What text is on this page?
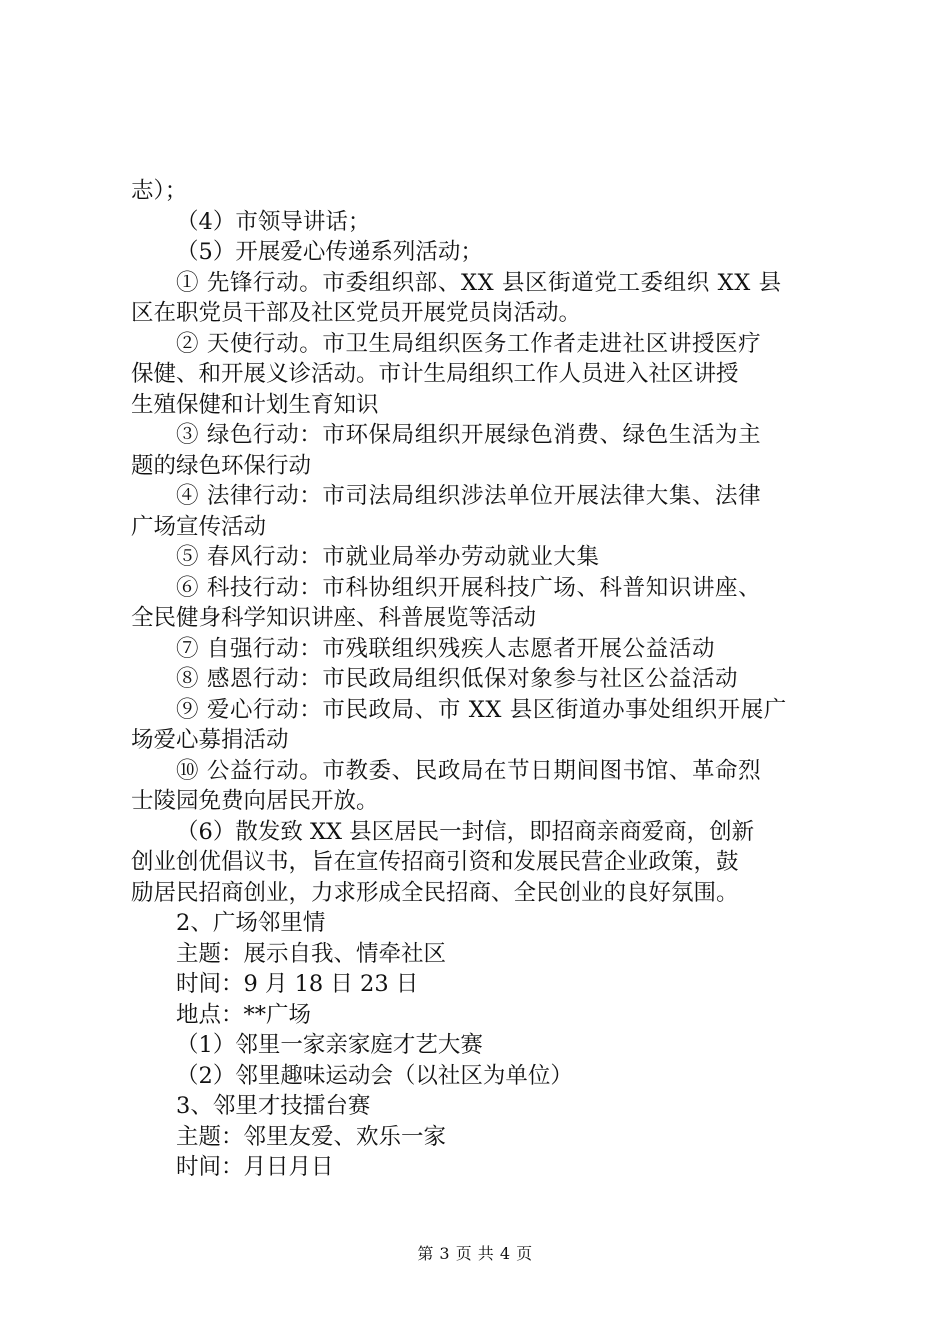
志）；
（4）市领导讲话；
（5）开展爱心传递系列活动；
① 先锋行动。市委组织部、XX 县区街道党工委组织 XX 县
区在职党员干部及社区党员开展党员岗活动。
② 天使行动。市卫生局组织医务工作者走进社区讲授医疗
保健、和开展义诊活动。市计生局组织工作人员进入社区讲授
生殖保健和计划生育知识
③ 绿色行动：市环保局组织开展绿色消费、绿色生活为主
题的绿色环保行动
④ 法律行动：市司法局组织涉法单位开展法律大集、法律
广场宣传活动
⑤ 春风行动：市就业局举办劳动就业大集
⑥ 科技行动：市科协组织开展科技广场、科普知识讲座、
全民健身科学知识讲座、科普展览等活动
⑦ 自强行动：市残联组织残疾人志愿者开展公益活动
⑧ 感恩行动：市民政局组织低保对象参与社区公益活动
⑨ 爱心行动：市民政局、市 XX 县区街道办事处组织开展广
场爱心募捐活动
⑩ 公益行动。市教委、民政局在节日期间图书馆、革命烈
士陵园免费向居民开放。
（6）散发致 XX 县区居民一封信，即招商亲商爱商，创新
创业创优倡议书，旨在宣传招商引资和发展民营企业政策，鼓
励居民招商创业，力求形成全民招商、全民创业的良好氛围。
2、广场邻里情
主题：展示自我、情牵社区
时间：9 月 18 日 23 日
地点：**广场
（1）邻里一家亲家庭才艺大赛
（2）邻里趣味运动会（以社区为单位）
3、邻里才技擂台赛
主题：邻里友爱、欢乐一家
时间：月日月日
第 3 页 共 4 页
